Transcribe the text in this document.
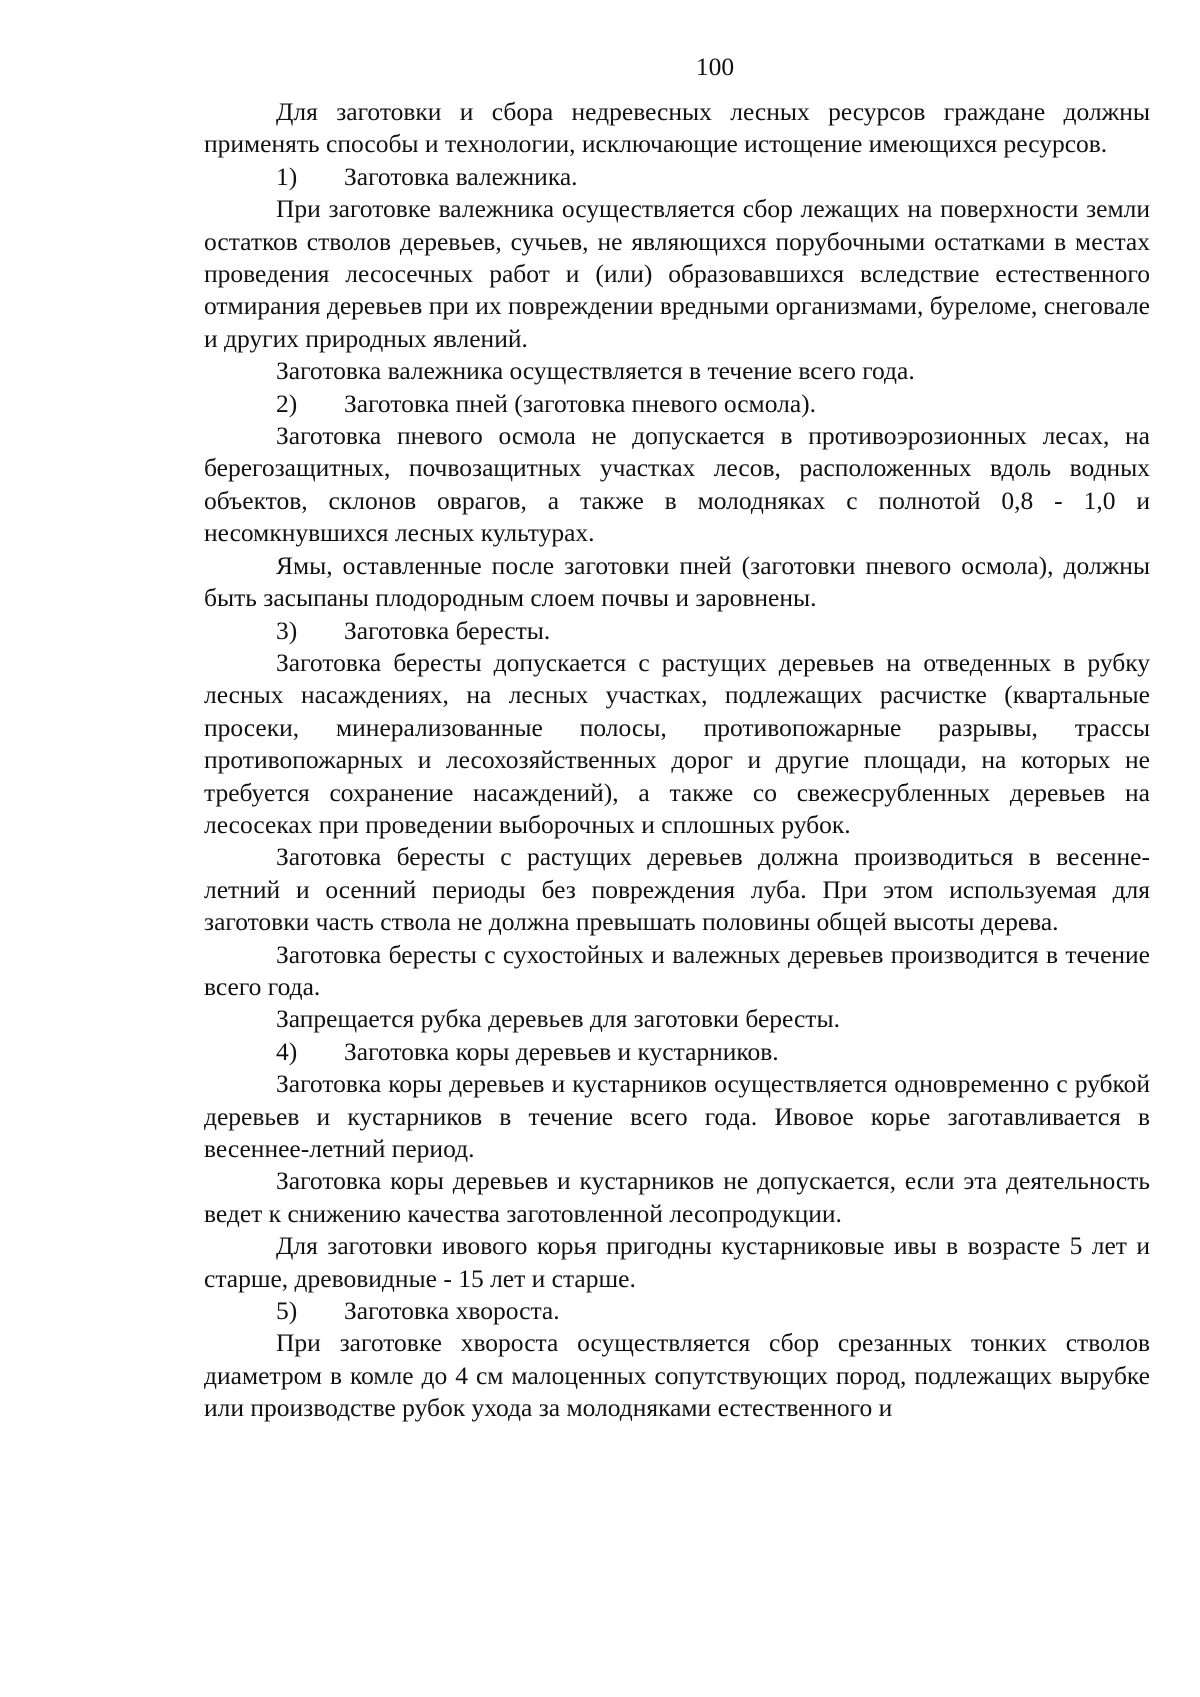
100

Для заготовки и сбора недревесных лесных ресурсов граждане должны применять способы и технологии, исключающие истощение имеющихся ресурсов.

1) Заготовка валежника.

При заготовке валежника осуществляется сбор лежащих на поверхности земли остатков стволов деревьев, сучьев, не являющихся порубочными остатками в местах проведения лесосечных работ и (или) образовавшихся вследствие естественного отмирания деревьев при их повреждении вредными организмами, буреломе, снеговале и других природных явлений.

Заготовка валежника осуществляется в течение всего года.

2) Заготовка пней (заготовка пневого осмола).

Заготовка пневого осмола не допускается в противоэрозионных лесах, на берегозащитных, почвозащитных участках лесов, расположенных вдоль водных объектов, склонов оврагов, а также в молодняках с полнотой 0,8 - 1,0 и несомкнувшихся лесных культурах.

Ямы, оставленные после заготовки пней (заготовки пневого осмола), должны быть засыпаны плодородным слоем почвы и заровнены.

3) Заготовка бересты.

Заготовка бересты допускается с растущих деревьев на отведенных в рубку лесных насаждениях, на лесных участках, подлежащих расчистке (квартальные просеки, минерализованные полосы, противопожарные разрывы, трассы противопожарных и лесохозяйственных дорог и другие площади, на которых не требуется сохранение насаждений), а также со свежесрубленных деревьев на лесосеках при проведении выборочных и сплошных рубок.

Заготовка бересты с растущих деревьев должна производиться в весенне-летний и осенний периоды без повреждения луба. При этом используемая для заготовки часть ствола не должна превышать половины общей высоты дерева.

Заготовка бересты с сухостойных и валежных деревьев производится в течение всего года.

Запрещается рубка деревьев для заготовки бересты.

4) Заготовка коры деревьев и кустарников.

Заготовка коры деревьев и кустарников осуществляется одновременно с рубкой деревьев и кустарников в течение всего года. Ивовое корье заготавливается в весеннее-летний период.

Заготовка коры деревьев и кустарников не допускается, если эта деятельность ведет к снижению качества заготовленной лесопродукции.

Для заготовки ивового корья пригодны кустарниковые ивы в возрасте 5 лет и старше, древовидные - 15 лет и старше.

5) Заготовка хвороста.

При заготовке хвороста осуществляется сбор срезанных тонких стволов диаметром в комле до 4 см малоценных сопутствующих пород, подлежащих вырубке или производстве рубок ухода за молодняками естественного и
